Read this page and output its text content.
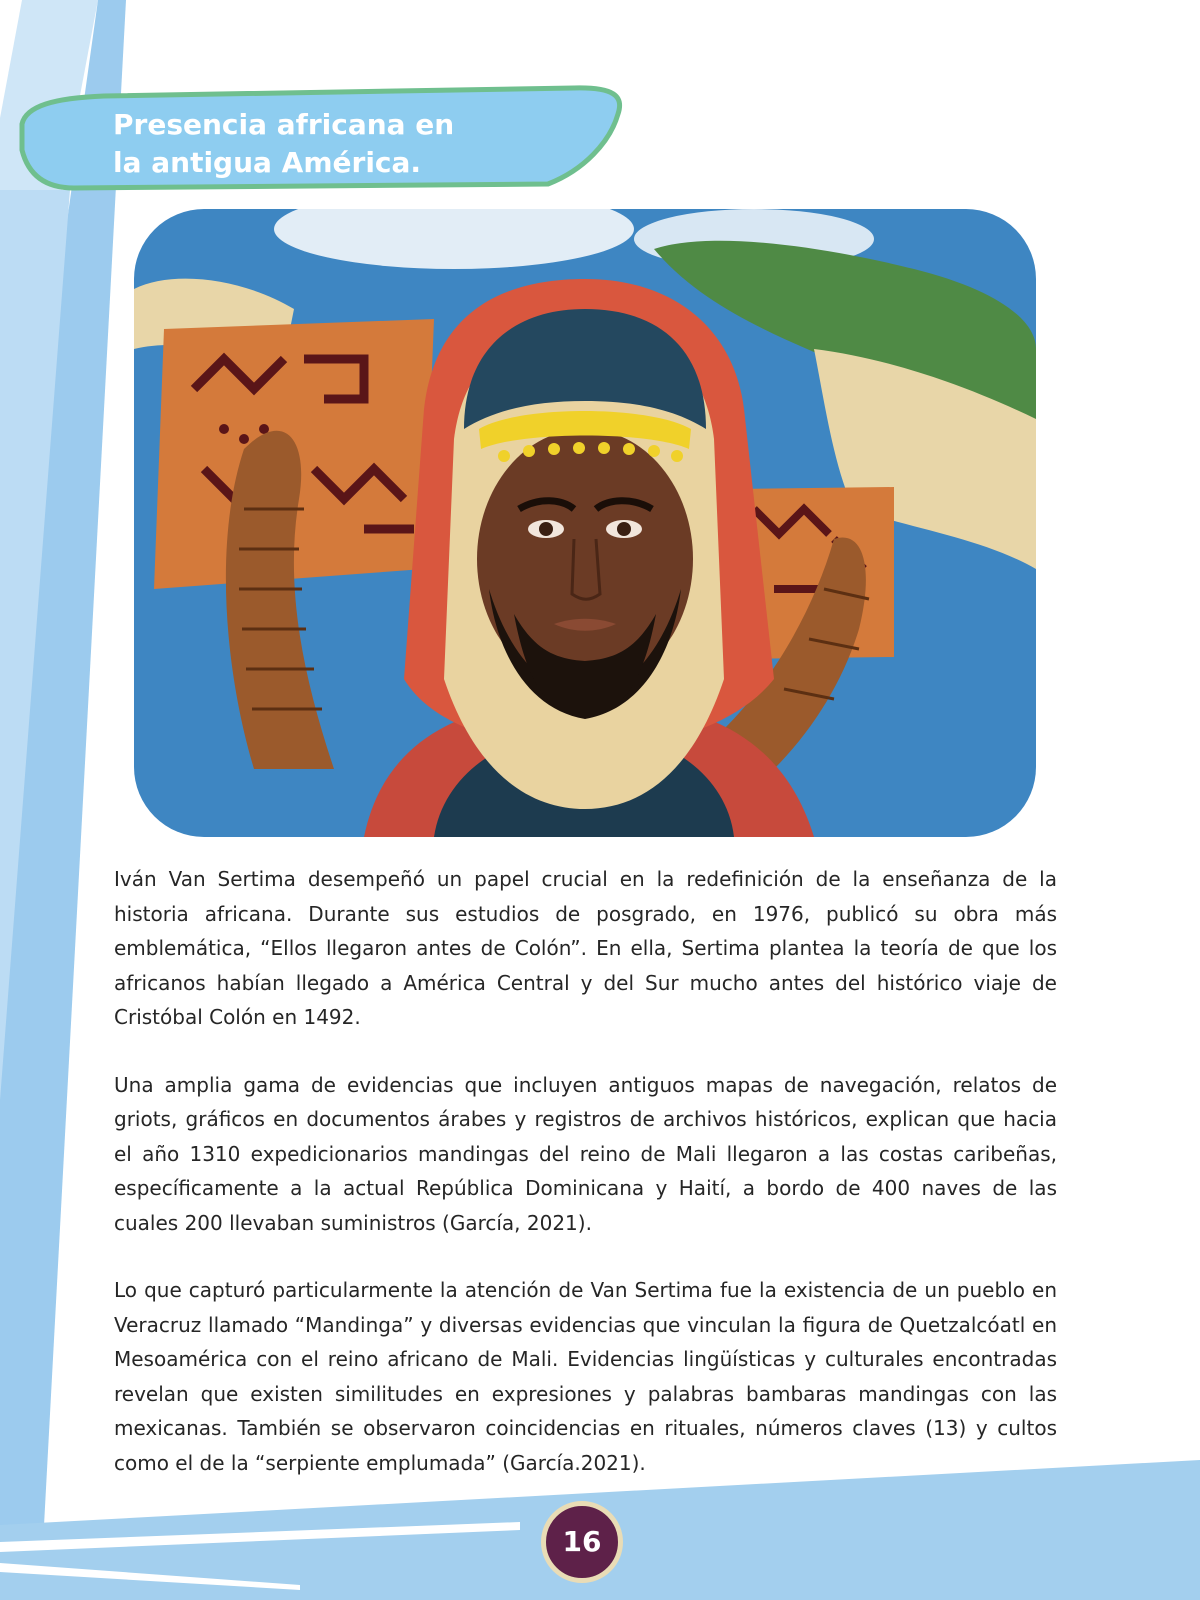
Presencia africana en
la antigua América.

Iván Van Sertima desempeñó un papel crucial en la redefinición de la enseñanza de la historia africana. Durante sus estudios de posgrado, en 1976, publicó su obra más emblemática, “Ellos llegaron antes de Colón”. En ella, Sertima plantea la teoría de que los africanos habían llegado a América Central y del Sur mucho antes del histórico viaje de Cristóbal Colón en 1492.

Una amplia gama de evidencias que incluyen antiguos mapas de navegación, relatos de griots, gráficos en documentos árabes y registros de archivos históricos, explican que hacia el año 1310 expedicionarios mandingas del reino de Mali llegaron a las costas caribeñas, específicamente a la actual República Dominicana y Haití, a bordo de 400 naves de las cuales 200 llevaban suministros (García, 2021).

Lo que capturó particularmente la atención de Van Sertima fue la existencia de un pueblo en Veracruz llamado “Mandinga” y diversas evidencias que vinculan la figura de Quetzalcóatl en Mesoamérica con el reino africano de Mali. Evidencias lingüísticas y culturales encontradas revelan que existen similitudes en expresiones y palabras bambaras mandingas con las mexicanas. También se observaron coincidencias en rituales, números claves (13) y cultos como el de la “serpiente emplumada” (García.2021).

16
